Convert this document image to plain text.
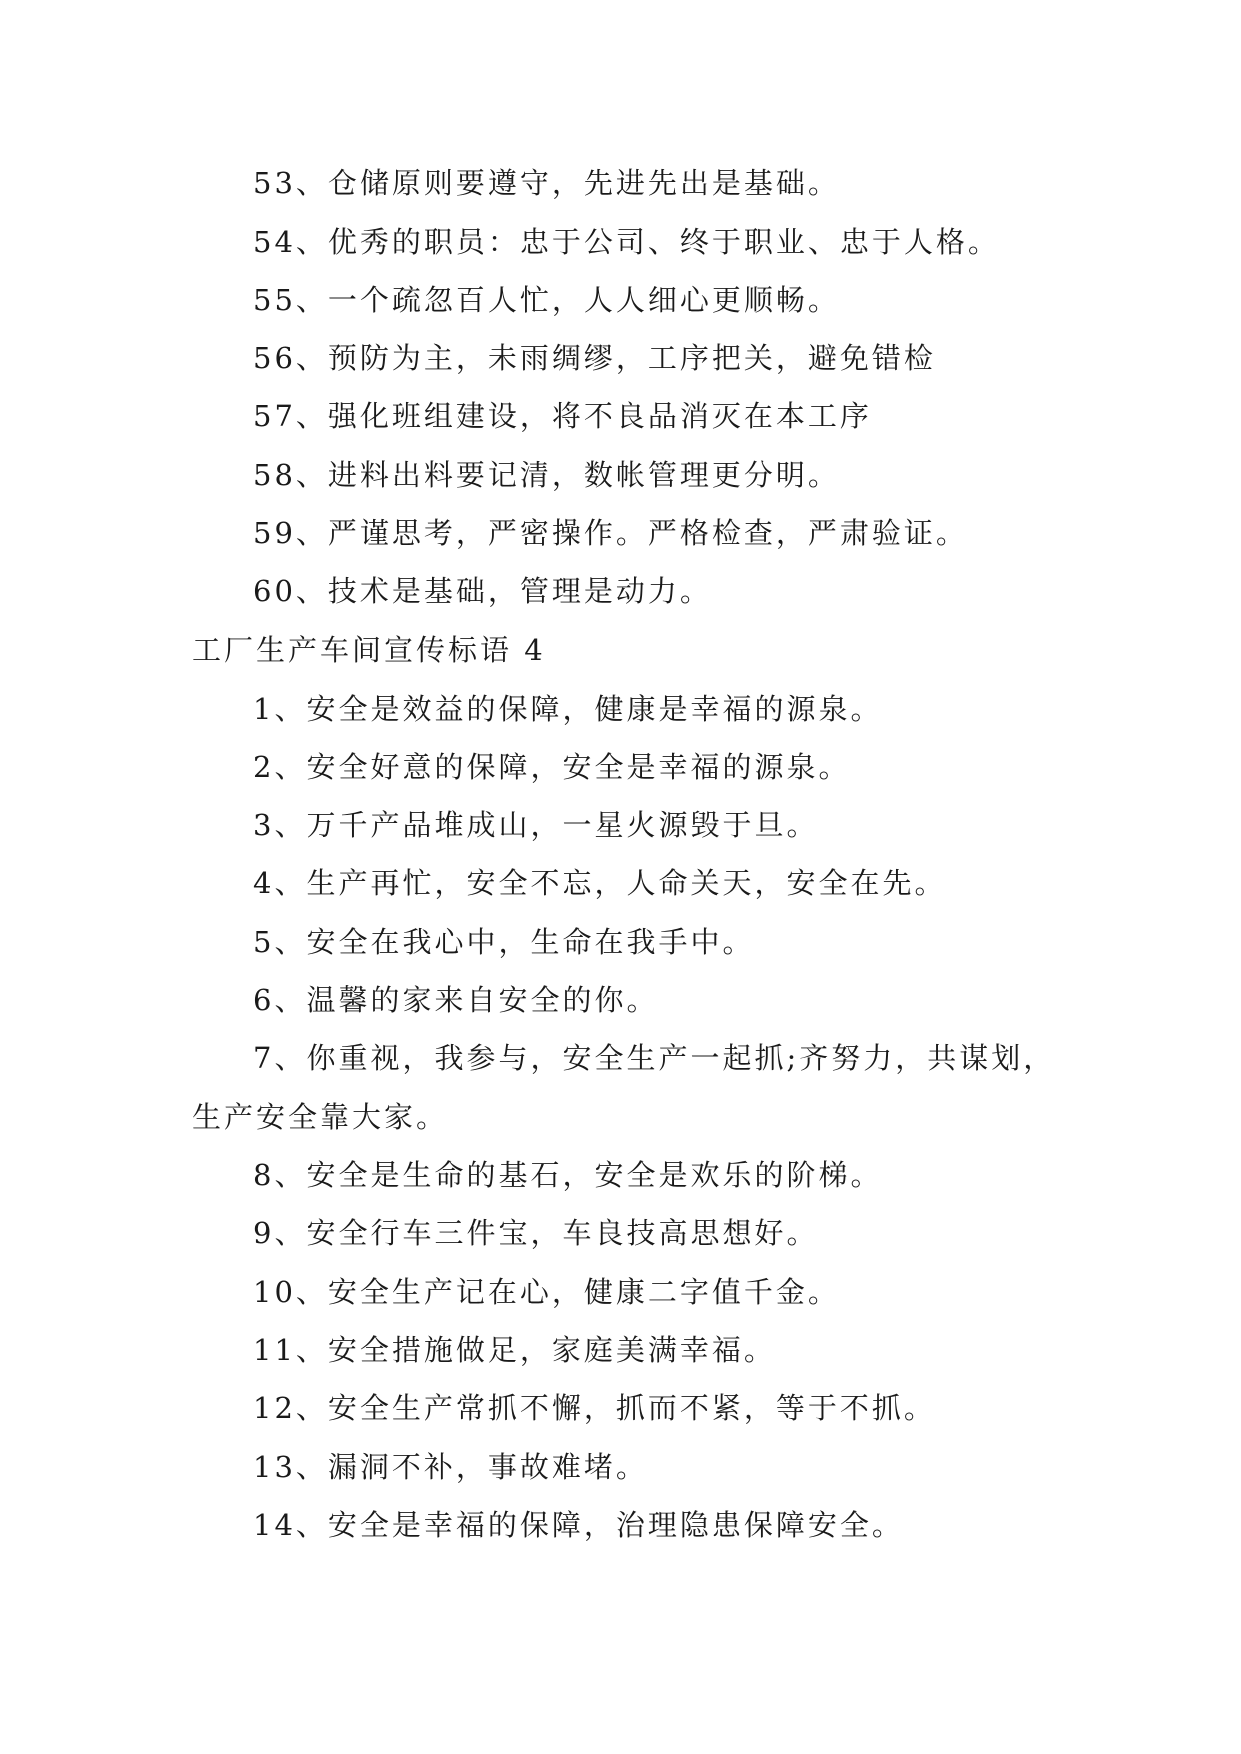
53、仓储原则要遵守，先进先出是基础。
54、优秀的职员：忠于公司、终于职业、忠于人格。
55、一个疏忽百人忙，人人细心更顺畅。
56、预防为主，未雨绸缪，工序把关，避免错检
57、强化班组建设，将不良品消灭在本工序
58、进料出料要记清，数帐管理更分明。
59、严谨思考，严密操作。严格检查，严肃验证。
60、技术是基础，管理是动力。
工厂生产车间宣传标语 4
1、安全是效益的保障，健康是幸福的源泉。
2、安全好意的保障，安全是幸福的源泉。
3、万千产品堆成山，一星火源毁于旦。
4、生产再忙，安全不忘，人命关天，安全在先。
5、安全在我心中，生命在我手中。
6、温馨的家来自安全的你。
7、你重视，我参与，安全生产一起抓;齐努力，共谋划，
生产安全靠大家。
8、安全是生命的基石，安全是欢乐的阶梯。
9、安全行车三件宝，车良技高思想好。
10、安全生产记在心，健康二字值千金。
11、安全措施做足，家庭美满幸福。
12、安全生产常抓不懈，抓而不紧，等于不抓。
13、漏洞不补，事故难堵。
14、安全是幸福的保障，治理隐患保障安全。
